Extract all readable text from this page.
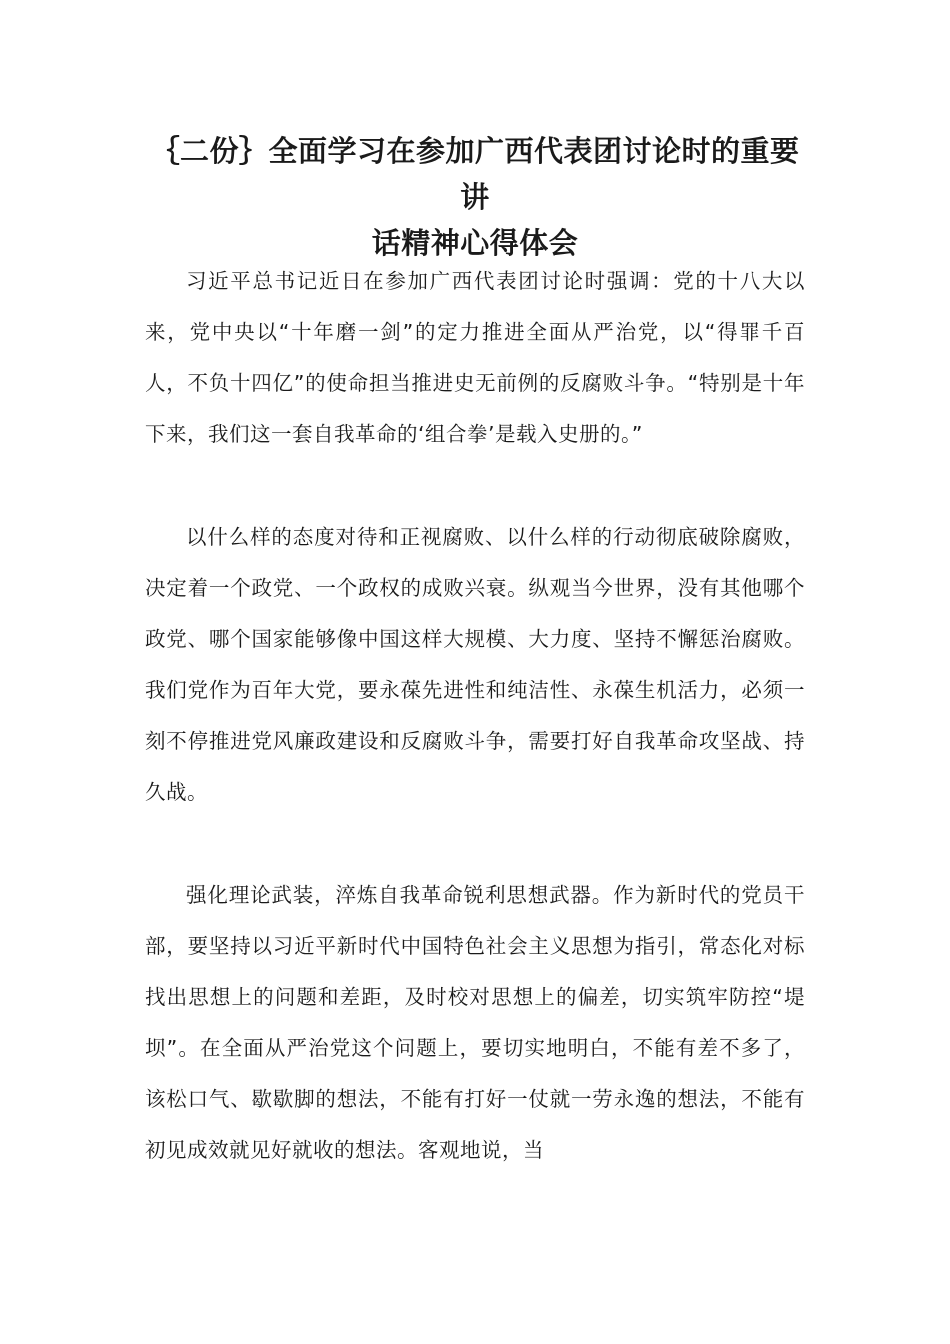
｛二份｝全面学习在参加广西代表团讨论时的重要讲
话精神心得体会

习近平总书记近日在参加广西代表团讨论时强调：党的十八大以来，党中央以“十年磨一剑”的定力推进全面从严治党，以“得罪千百人，不负十四亿”的使命担当推进史无前例的反腐败斗争。“特别是十年下来，我们这一套自我革命的‘组合拳’是载入史册的。”

以什么样的态度对待和正视腐败、以什么样的行动彻底破除腐败，决定着一个政党、一个政权的成败兴衰。纵观当今世界，没有其他哪个政党、哪个国家能够像中国这样大规模、大力度、坚持不懈惩治腐败。我们党作为百年大党，要永葆先进性和纯洁性、永葆生机活力，必须一刻不停推进党风廉政建设和反腐败斗争，需要打好自我革命攻坚战、持久战。

强化理论武装，淬炼自我革命锐利思想武器。作为新时代的党员干部，要坚持以习近平新时代中国特色社会主义思想为指引，常态化对标找出思想上的问题和差距，及时校对思想上的偏差，切实筑牢防控“堤坝”。在全面从严治党这个问题上，要切实地明白，不能有差不多了，该松口气、歇歇脚的想法，不能有打好一仗就一劳永逸的想法，不能有初见成效就见好就收的想法。客观地说，当
